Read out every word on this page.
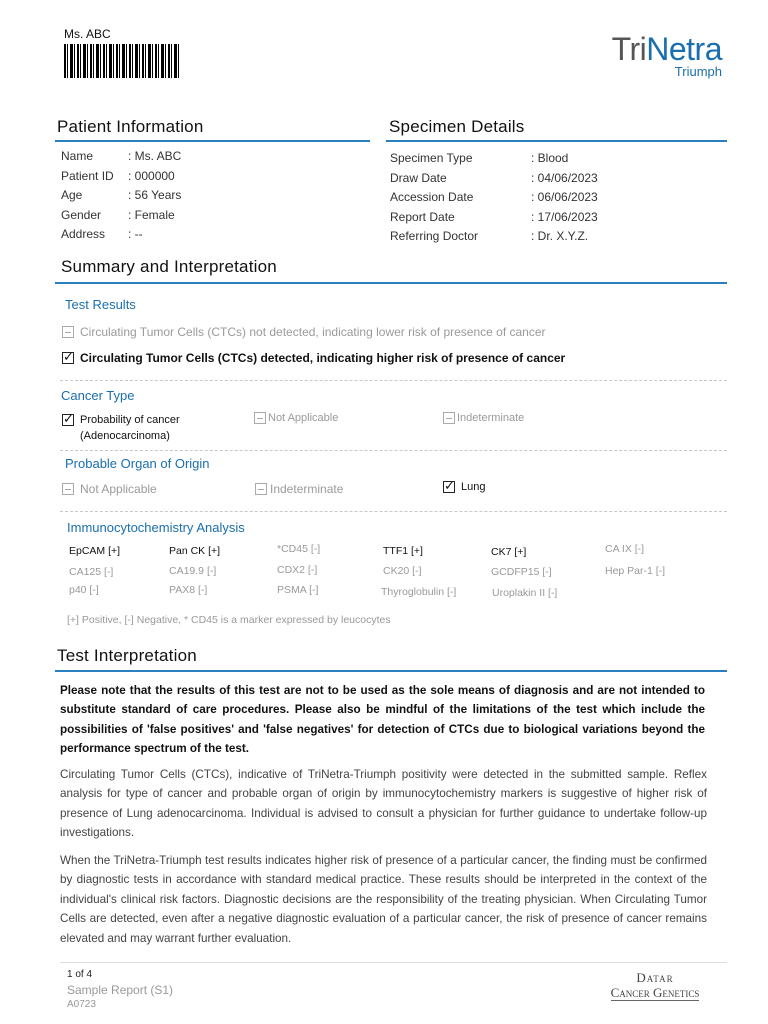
Ms. ABC	TriNetra
Triumph
Patient Information
Name	: Ms. ABC
Patient ID	: 000000
Age	: 56 Years
Gender	: Female
Address	: --
Specimen Details
Specimen Type	: Blood
Draw Date	: 04/06/2023
Accession Date	: 06/06/2023
Report Date	: 17/06/2023
Referring Doctor	: Dr. X.Y.Z.
Summary and Interpretation
Test Results
Circulating Tumor Cells (CTCs) not detected, indicating lower risk of presence of cancer
✓
Circulating Tumor Cells (CTCs) detected, indicating higher risk of presence of cancer
Cancer Type
✓
Probability of cancer
(Adenocarcinoma)
Not Applicable	Indeterminate
Probable Organ of Origin
Not Applicable	Indeterminate
✓	Lung
Immunocytochemistry Analysis
EpCAM [+]	Pan CK [+]	*CD45 [-]	TTF1 [+]	CK7 [+]	CA IX [-]
CA125 [-]	CA19.9 [-]	CDX2 [-]	CK20 [-]	GCDFP15 [-]	Hep Par-1 [-]
p40 [-]	PAX8 [-]	PSMA [-]	Thyroglobulin [-]	Uroplakin II [-]
[+] Positive, [-] Negative, * CD45 is a marker expressed by leucocytes
Test Interpretation
Please note that the results of this test are not to be used as the sole means of diagnosis and are not intended to substitute standard of care procedures. Please also be mindful of the limitations of the test which include the possibilities of 'false positives' and 'false negatives' for detection of CTCs due to biological variations beyond the performance spectrum of the test.
Circulating Tumor Cells (CTCs), indicative of TriNetra-Triumph positivity were detected in the submitted sample. Reflex analysis for type of cancer and probable organ of origin by immunocytochemistry markers is suggestive of higher risk of presence of Lung adenocarcinoma. Individual is advised to consult a physician for further guidance to undertake follow-up investigations.
When the TriNetra-Triumph test results indicates higher risk of presence of a particular cancer, the finding must be confirmed by diagnostic tests in accordance with standard medical practice. These results should be interpreted in the context of the individual's clinical risk factors. Diagnostic decisions are the responsibility of the treating physician. When Circulating Tumor Cells are detected, even after a negative diagnostic evaluation of a particular cancer, the risk of presence of cancer remains elevated and may warrant further evaluation.
1 of 4
Sample Report (S1)
A0723
Datar
Cancer Genetics
